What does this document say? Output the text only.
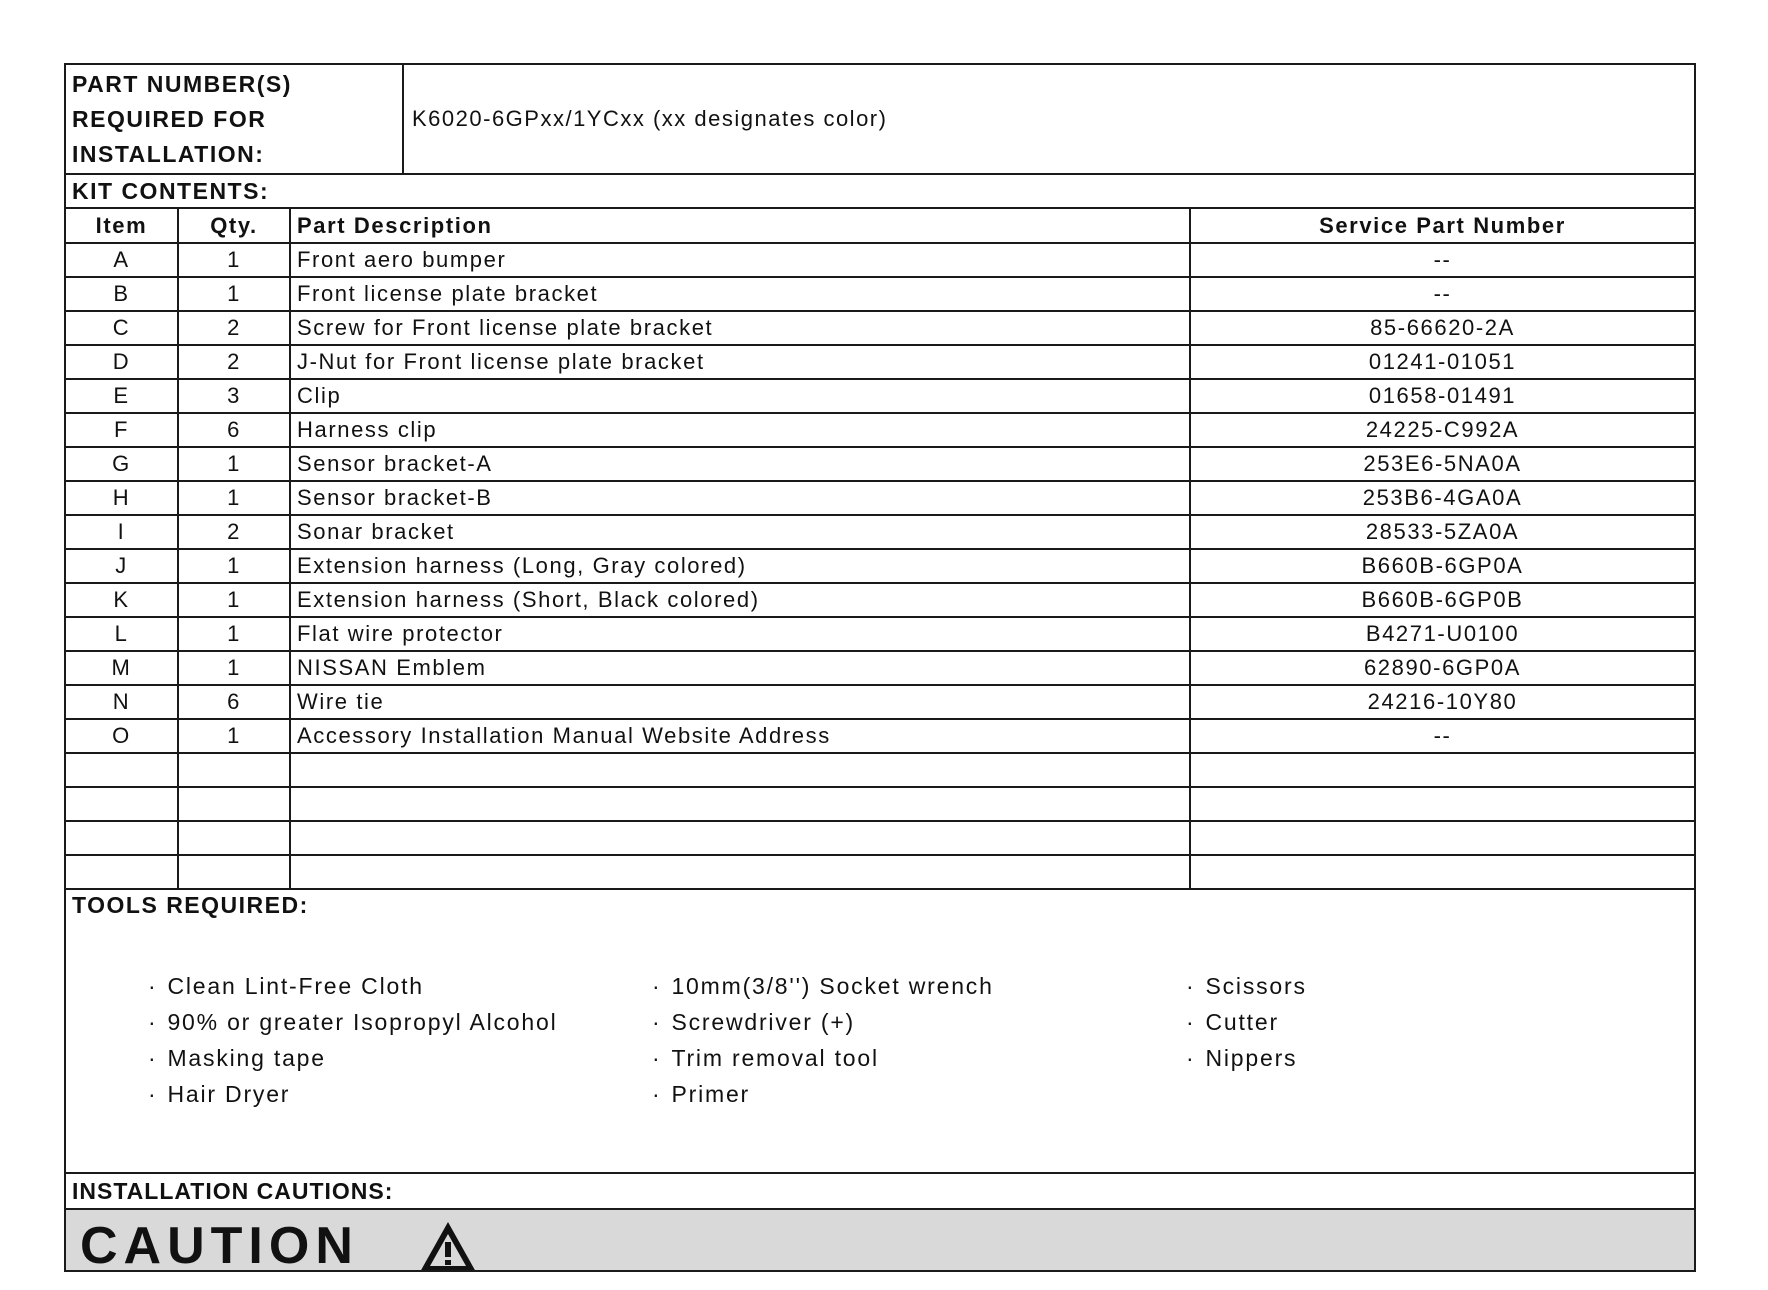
PART NUMBER(S)
REQUIRED FOR
INSTALLATION:
K6020-6GPxx/1YCxx (xx designates color)
KIT CONTENTS:
Item	Qty.	Part Description	Service Part Number
A	1	Front aero bumper	--
B	1	Front license plate bracket	--
C	2	Screw for Front license plate bracket	85-66620-2A
D	2	J-Nut for Front license plate bracket	01241-01051
E	3	Clip	01658-01491
F	6	Harness clip	24225-C992A
G	1	Sensor bracket-A	253E6-5NA0A
H	1	Sensor bracket-B	253B6-4GA0A
I	2	Sonar bracket	28533-5ZA0A
J	1	Extension harness (Long, Gray colored)	B660B-6GP0A
K	1	Extension harness (Short, Black colored)	B660B-6GP0B
L	1	Flat wire protector	B4271-U0100
M	1	NISSAN Emblem	62890-6GP0A
N	6	Wire tie	24216-10Y80
O	1	Accessory Installation Manual Website Address	--

TOOLS REQUIRED:
· Clean Lint-Free Cloth
· 90% or greater Isopropyl Alcohol
· Masking tape
· Hair Dryer
· 10mm(3/8'') Socket wrench
· Screwdriver (+)
· Trim removal tool
· Primer
· Scissors
· Cutter
· Nippers
INSTALLATION CAUTIONS:
CAUTION
